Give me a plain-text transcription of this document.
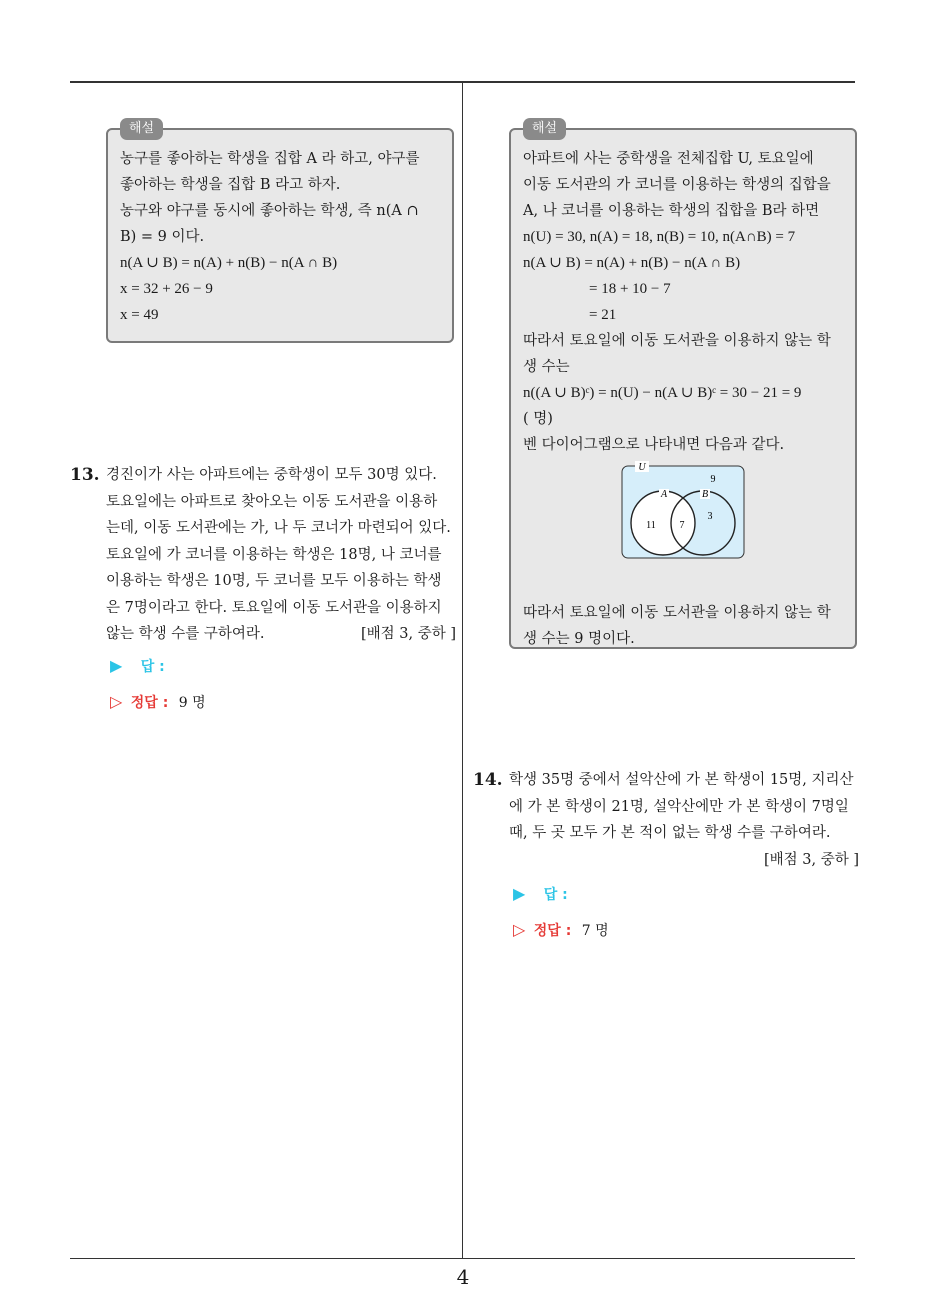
해설
농구를 좋아하는 학생을 집합 A 라 하고, 야구를
좋아하는 학생을 집합 B 라고 하자.
농구와 야구를 동시에 좋아하는 학생, 즉 n(A ∩
B) = 9 이다.
n(A ∪ B) = n(A) + n(B) − n(A ∩ B)
x = 32 + 26 − 9
x = 49
13. 경진이가 사는 아파트에는 중학생이 모두 30명 있다.
토요일에는 아파트로 찾아오는 이동 도서관을 이용하
는데, 이동 도서관에는 가, 나 두 코너가 마련되어 있다.
토요일에 가 코너를 이용하는 학생은 18명, 나 코너를
이용하는 학생은 10명, 두 코너를 모두 이용하는 학생
은 7명이라고 한다. 토요일에 이동 도서관을 이용하지
않는 학생 수를 구하여라.	[배점 3, 중하 ]
▶ 답 :
▷ 정답 : 9 명
해설
아파트에 사는 중학생을 전체집합 U, 토요일에
이동 도서관의 가 코너를 이용하는 학생의 집합을
A, 나 코너를 이용하는 학생의 집합을 B라 하면
n(U) = 30, n(A) = 18, n(B) = 10, n(A∩B) = 7
n(A ∪ B) = n(A) + n(B) − n(A ∩ B)
= 18 + 10 − 7
= 21
따라서 토요일에 이동 도서관을 이용하지 않는 학
생 수는
n((A ∪ B)ᶜ) = n(U) − n(A ∪ B)ᶜ = 30 − 21 = 9
( 명)
벤 다이어그램으로 나타내면 다음과 같다.
따라서 토요일에 이동 도서관을 이용하지 않는 학
생 수는 9 명이다.
U
9
A	B
11 7
3
14. 학생 35명 중에서 설악산에 가 본 학생이 15명, 지리산
에 가 본 학생이 21명, 설악산에만 가 본 학생이 7명일
때, 두 곳 모두 가 본 적이 없는 학생 수를 구하여라.
[배점 3, 중하 ]
▶ 답 :
▷ 정답 : 7 명
4
